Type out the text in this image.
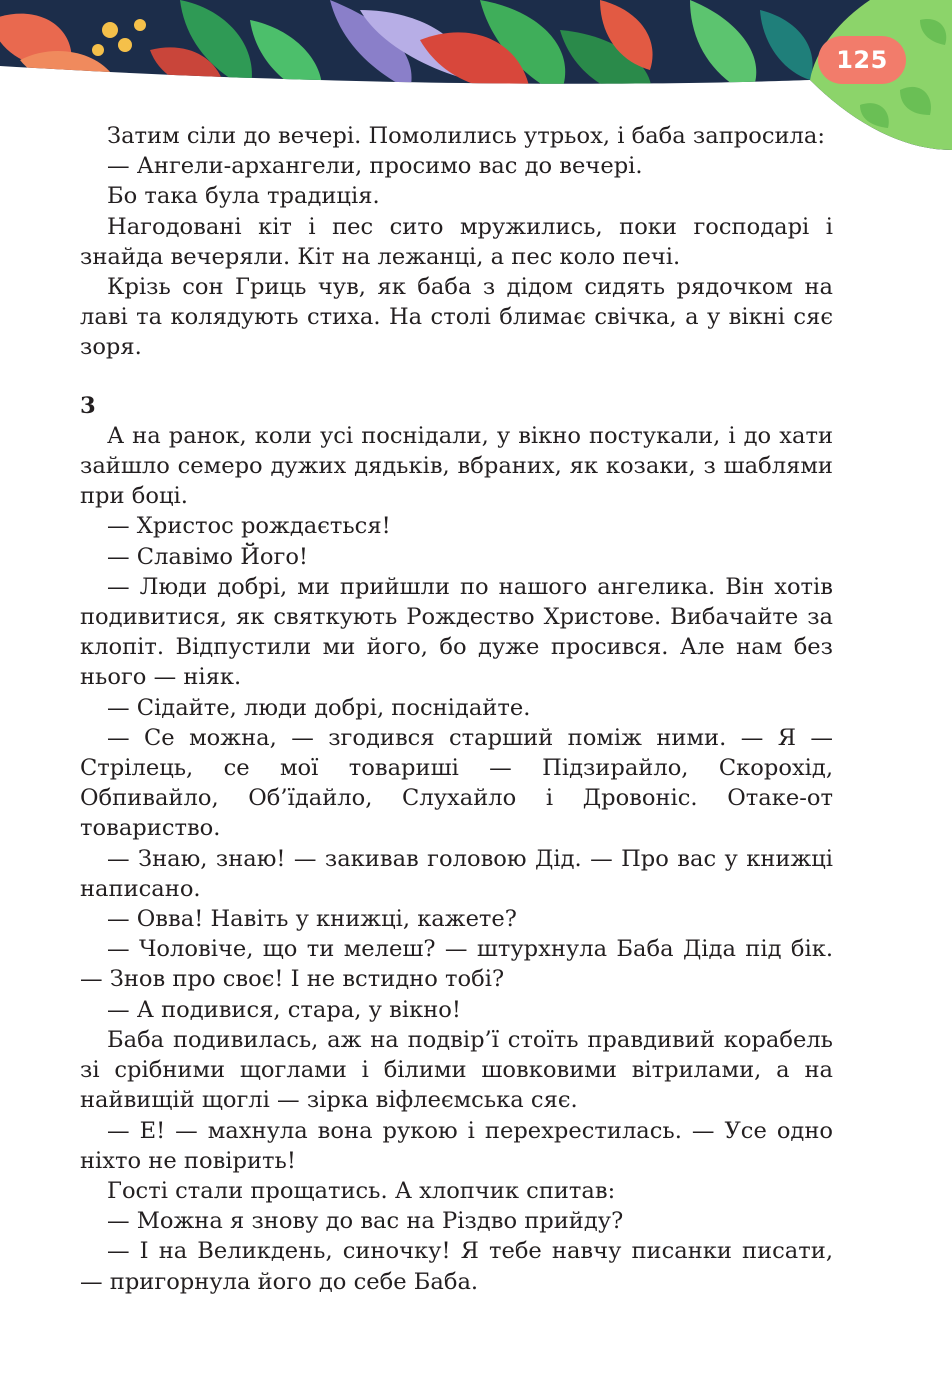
125

Затим сіли до вечері. Помолились утрьох, і баба запросила:

— Ангели-архангели, просимо вас до вечері.

Бо така була традиція.

Нагодовані кіт і пес сито мружились, поки господарі і знайда вечеряли. Кіт на лежанці, а пес коло печі.

Крізь сон Гриць чув, як баба з дідом сидять рядочком на лаві та колядують стиха. На столі блимає свічка, а у вікні сяє зоря.

3

А на ранок, коли усі поснідали, у вікно постукали, і до хати зайшло семеро дужих дядьків, вбраних, як козаки, з шаблями при боці.

— Христос рождається!

— Славімо Його!

— Люди добрі, ми прийшли по нашого ангелика. Він хотів подивитися, як святкують Рождество Христове. Вибачайте за клопіт. Відпустили ми його, бо дуже просився. Але нам без нього — ніяк.

— Сідайте, люди добрі, поснідайте.

— Се можна, — згодився старший поміж ними. — Я — Стрілець, се мої товариші — Підзирайло, Скороxід, Обпивайло, Об’їдайло, Слухайло і Дровоніс. Отаке-от товариство.

— Знаю, знаю! — закивав головою Дід. — Про вас у книжці написано.

— Овва! Навіть у книжці, кажете?

— Чоловіче, що ти мелеш? — штурхнула Баба Діда під бік. — Знов про своє! І не встидно тобі?

— А подивися, стара, у вікно!

Баба подивилась, аж на подвір’ї стоїть правдивий корабель зі срібними щоглами і білими шовковими вітрилами, а на найвищій щоглі — зірка віфлеємська сяє.

— Е! — махнула вона рукою і перехрестилась. — Усе одно ніхто не повірить!

Гості стали прощатись. А хлопчик спитав:

— Можна я знову до вас на Різдво прийду?

— І на Великдень, синочку! Я тебе навчу писанки писати, — пригорнула його до себе Баба.
